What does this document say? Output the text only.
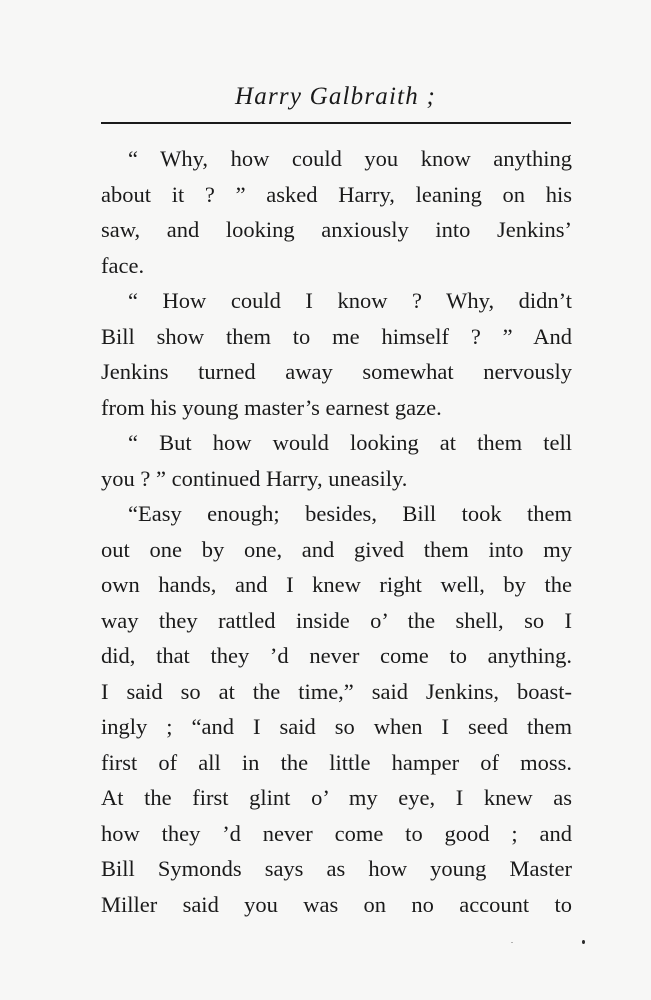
Harry Galbraith ;
“ Why, how could you know anything
about it ? ” asked Harry, leaning on his
saw, and looking anxiously into Jenkins’
face.
“ How could I know ? Why, didn’t
Bill show them to me himself ? ” And
Jenkins turned away somewhat nervously
from his young master’s earnest gaze.
“ But how would looking at them tell
you ? ” continued Harry, uneasily.
“Easy enough; besides, Bill took them
out one by one, and gived them into my
own hands, and I knew right well, by the
way they rattled inside o’ the shell, so I
did, that they ’d never come to anything.
I said so at the time,” said Jenkins, boast-
ingly ; “and I said so when I seed them
first of all in the little hamper of moss.
At the first glint o’ my eye, I knew as
how they ’d never come to good ; and
Bill Symonds says as how young Master
Miller said you was on no account to
